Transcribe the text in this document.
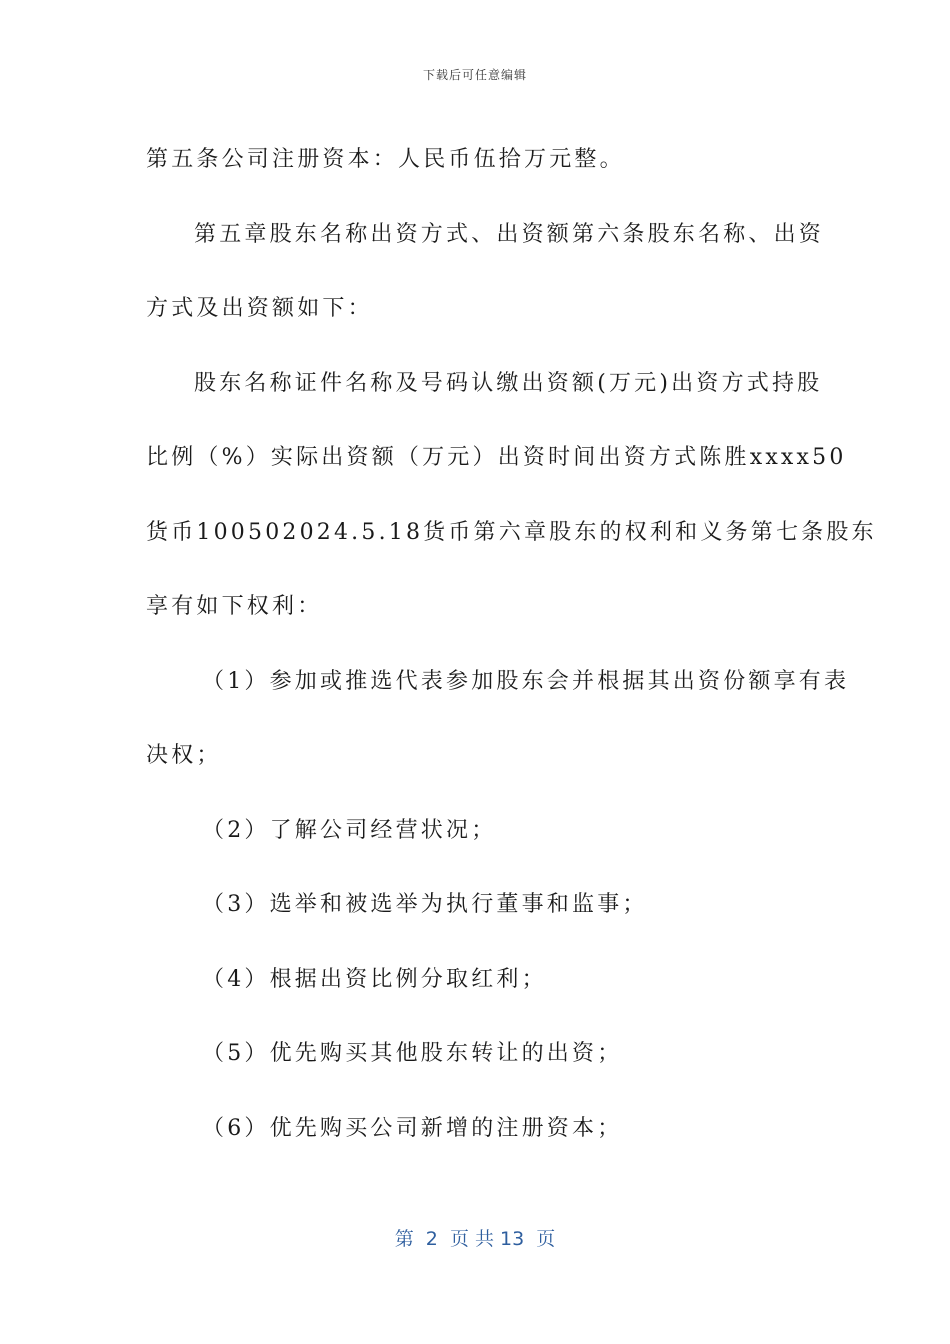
下载后可任意编辑

第五条公司注册资本：人民币伍拾万元整。

第五章股东名称出资方式、出资额第六条股东名称、出资

方式及出资额如下：

股东名称证件名称及号码认缴出资额(万元)出资方式持股

比例（%）实际出资额（万元）出资时间出资方式陈胜xxxx50

货币100502024.5.18货币第六章股东的权利和义务第七条股东

享有如下权利：

（1）参加或推选代表参加股东会并根据其出资份额享有表

决权；

（2）了解公司经营状况；

（3）选举和被选举为执行董事和监事；

（4）根据出资比例分取红利；

（5）优先购买其他股东转让的出资；

（6）优先购买公司新增的注册资本；

第  2  页 共 13  页
